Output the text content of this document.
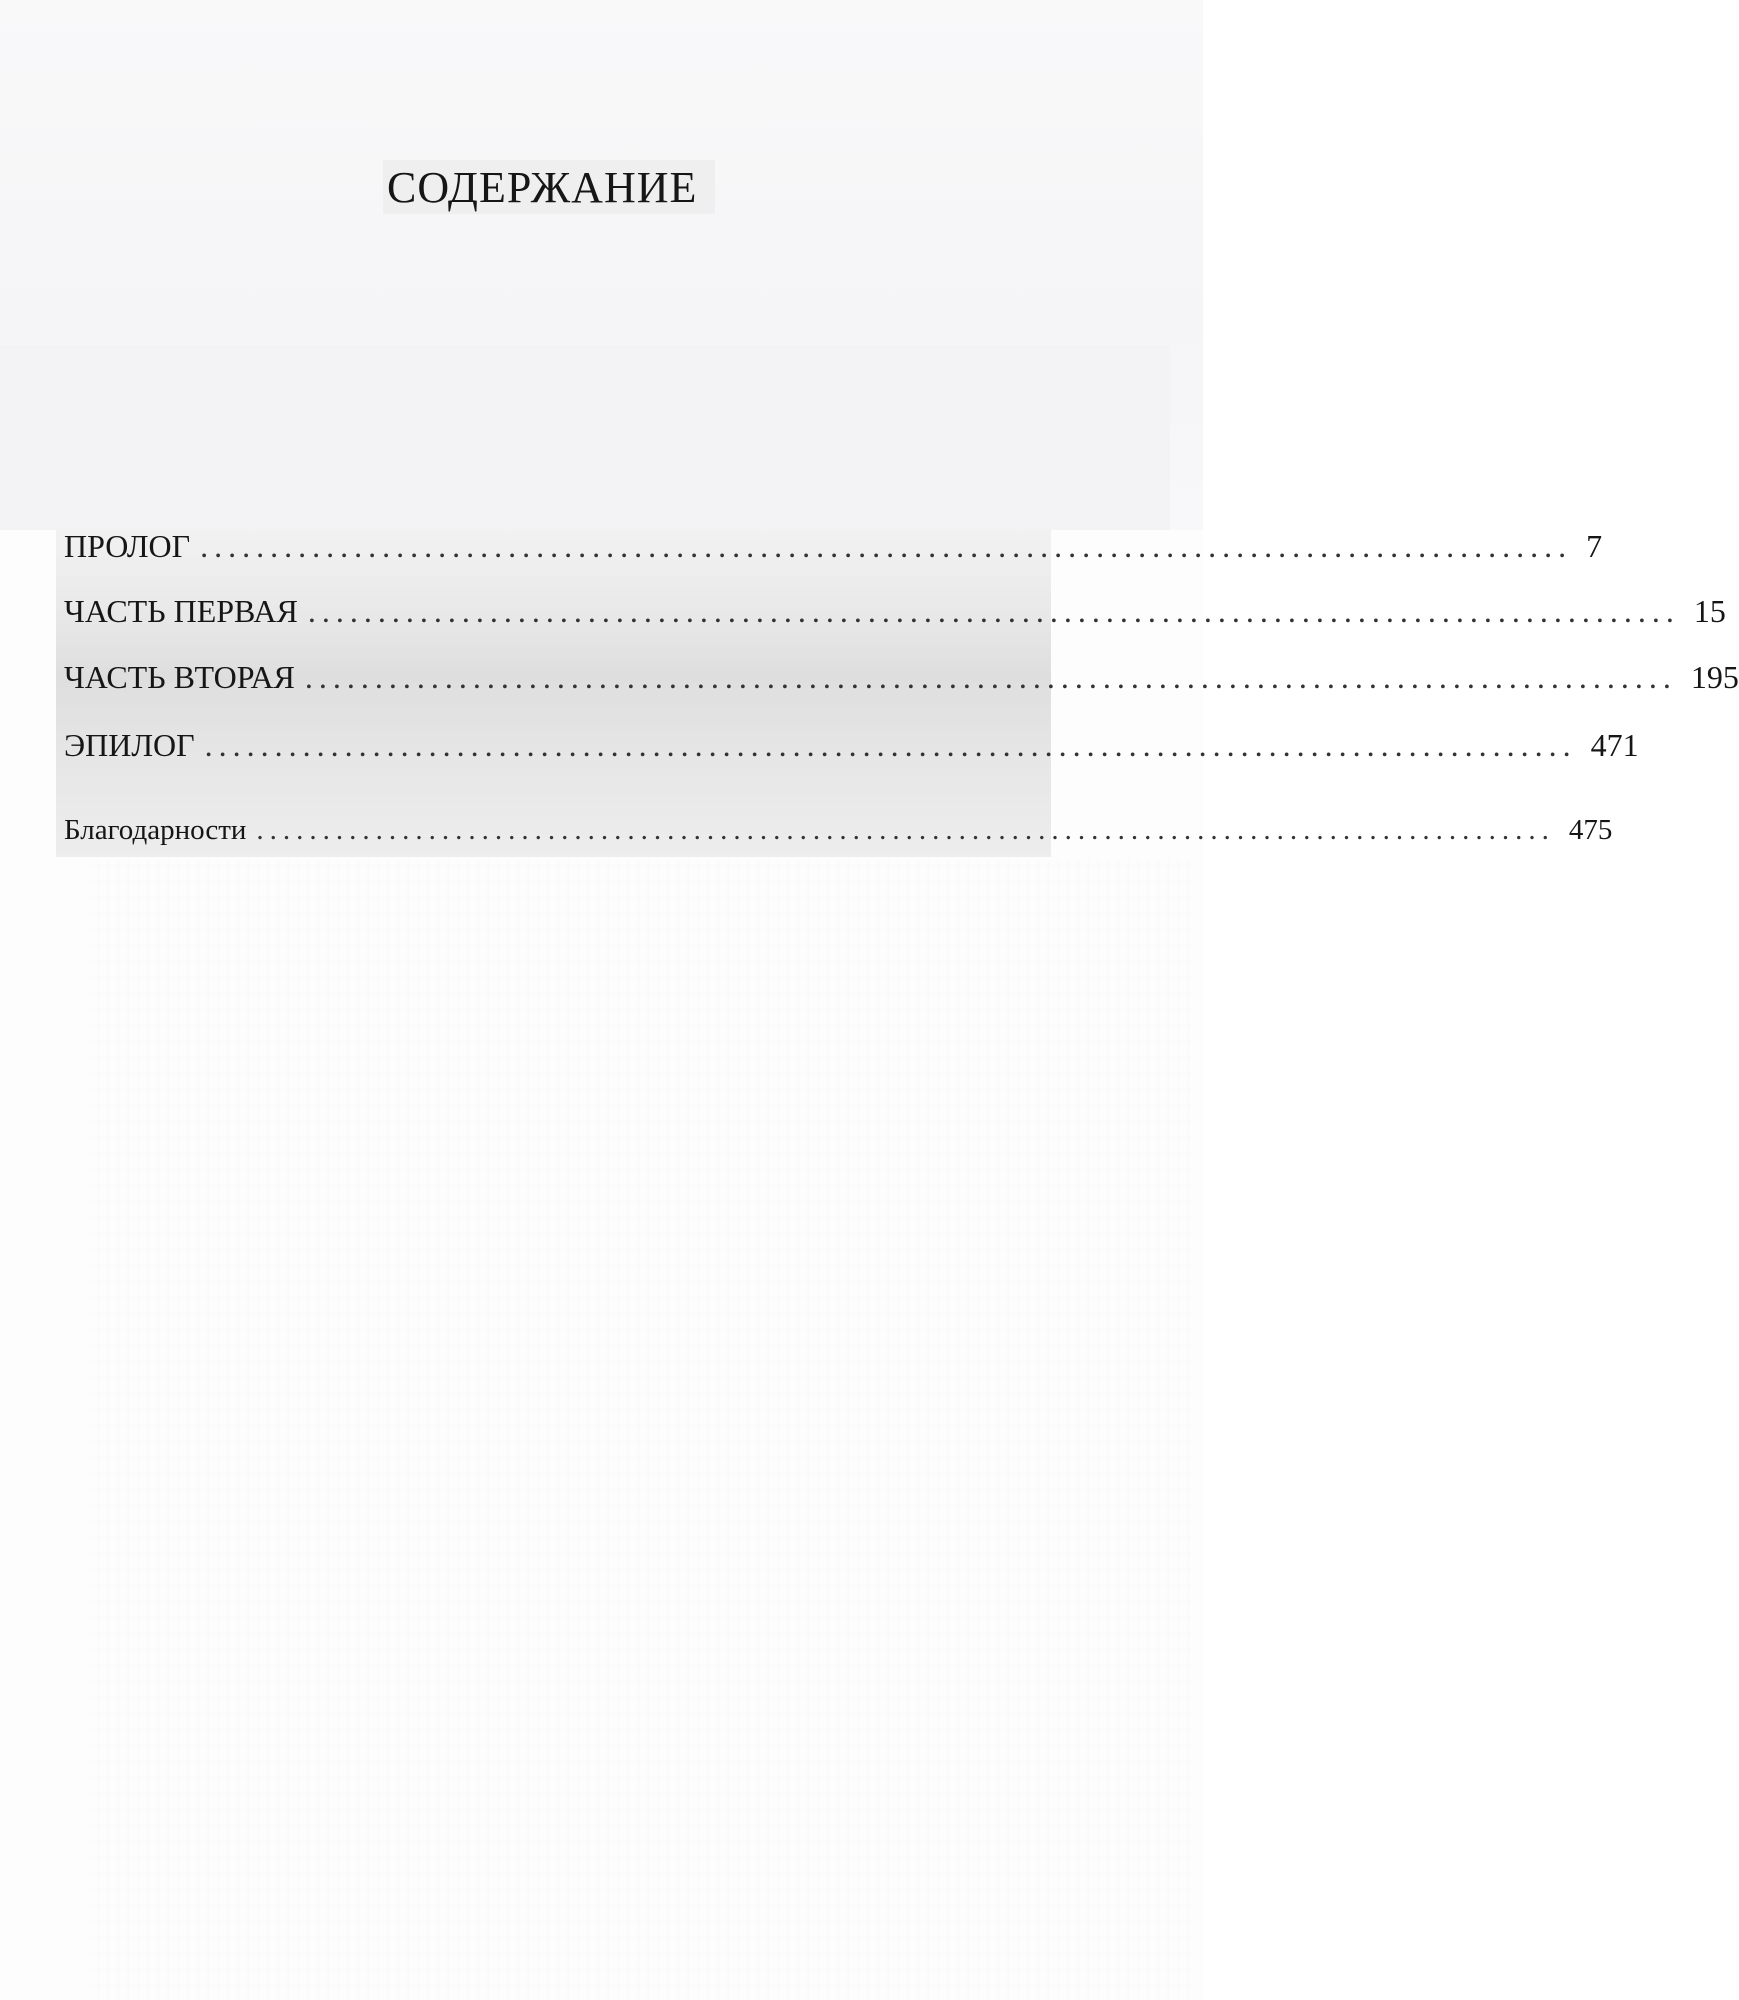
СОДЕРЖАНИЕ
ПРОЛОГ .................................................................................................. 7
ЧАСТЬ ПЕРВАЯ .................................................................................................. 15
ЧАСТЬ ВТОРАЯ .................................................................................................. 195
ЭПИЛОГ .................................................................................................. 471
Благодарности .................................................................................................. 475
